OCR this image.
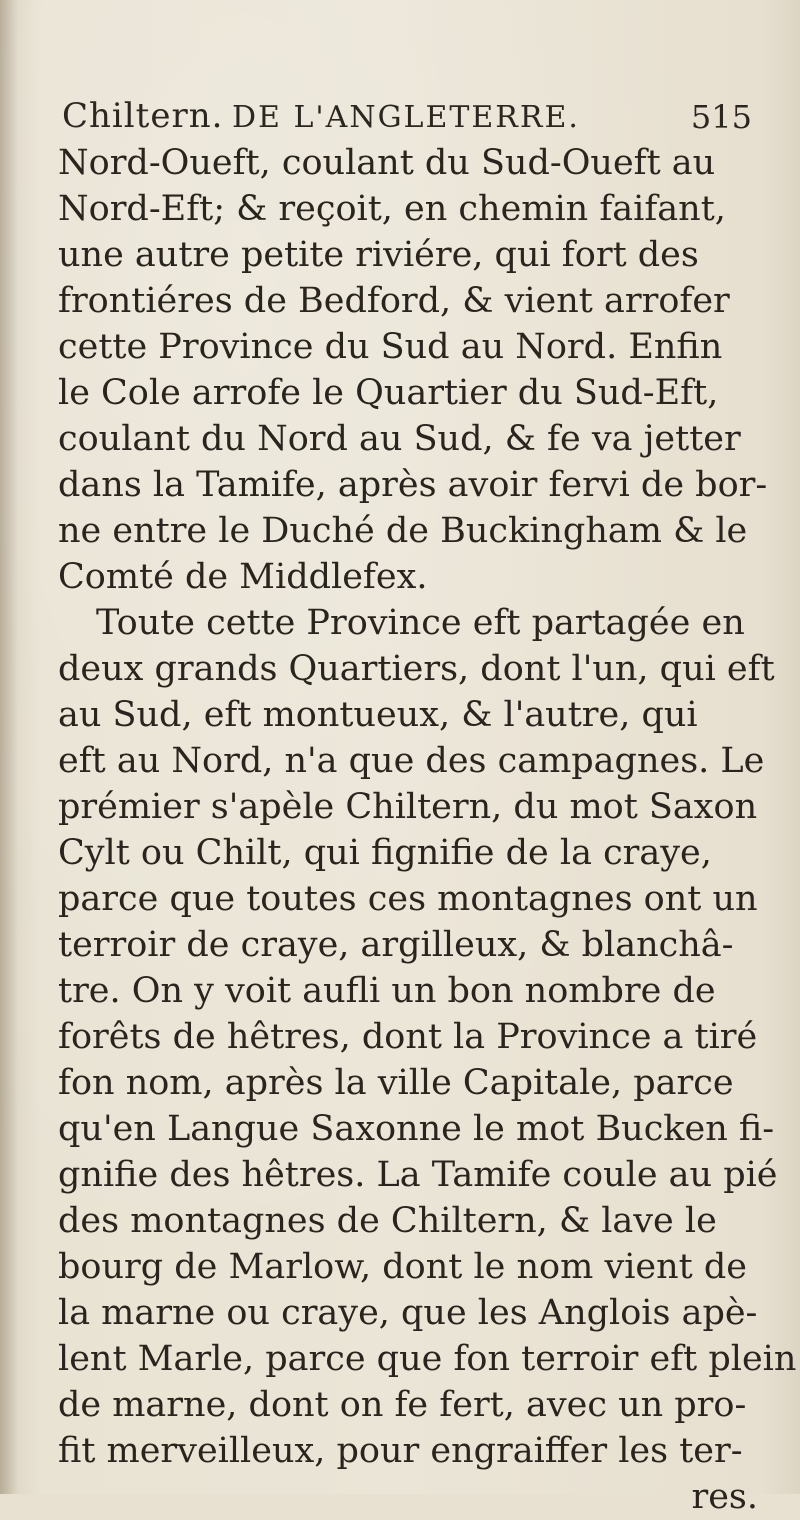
Chiltern. DE L'ANGLETERRE.	515
Nord-Oueft, coulant du Sud-Oueft au
Nord-Eft; & reçoit, en chemin faifant,
une autre petite riviére, qui fort des
frontiéres de Bedford, & vient arrofer
cette Province du Sud au Nord. Enfin
le Cole arrofe le Quartier du Sud-Eft,
coulant du Nord au Sud, & fe va jetter
dans la Tamife, après avoir fervi de bor-
ne entre le Duché de Buckingham & le
Comté de Middlefex.
Toute cette Province eft partagée en
deux grands Quartiers, dont l'un, qui eft
au Sud, eft montueux, & l'autre, qui
eft au Nord, n'a que des campagnes. Le
prémier s'apèle Chiltern, du mot Saxon
Cylt ou Chilt, qui fignifie de la craye,
parce que toutes ces montagnes ont un
terroir de craye, argilleux, & blanchâ-
tre. On y voit aufli un bon nombre de
forêts de hêtres, dont la Province a tiré
fon nom, après la ville Capitale, parce
qu'en Langue Saxonne le mot Bucken fi-
gnifie des hêtres. La Tamife coule au pié
des montagnes de Chiltern, & lave le
bourg de Marlow, dont le nom vient de
la marne ou craye, que les Anglois apè-
lent Marle, parce que fon terroir eft plein
de marne, dont on fe fert, avec un pro-
fit merveilleux, pour engraiffer les ter-
res.
